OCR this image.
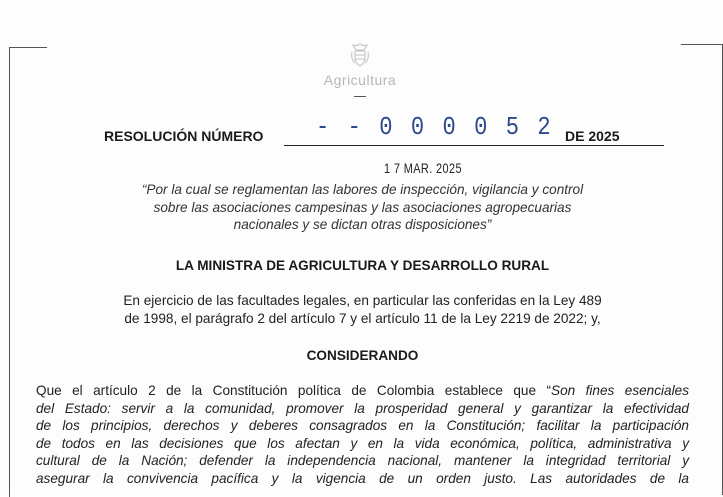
Agricultura
RESOLUCIÓN NÚMERO - - 0 0 0 0 5 2 DE 2025
1 7 MAR. 2025
“Por la cual se reglamentan las labores de inspección, vigilancia y control
sobre las asociaciones campesinas y las asociaciones agropecuarias
nacionales y se dictan otras disposiciones”
LA MINISTRA DE AGRICULTURA Y DESARROLLO RURAL
En ejercicio de las facultades legales, en particular las conferidas en la Ley 489
de 1998, el parágrafo 2 del artículo 7 y el artículo 11 de la Ley 2219 de 2022; y,
CONSIDERANDO
Que el artículo 2 de la Constitución política de Colombia establece que “Son fines esenciales
del Estado: servir a la comunidad, promover la prosperidad general y garantizar la efectividad
de los principios, derechos y deberes consagrados en la Constitución; facilitar la participación
de todos en las decisiones que los afectan y en la vida económica, política, administrativa y
cultural de la Nación; defender la independencia nacional, mantener la integridad territorial y
asegurar la convivencia pacífica y la vigencia de un orden justo. Las autoridades de la
